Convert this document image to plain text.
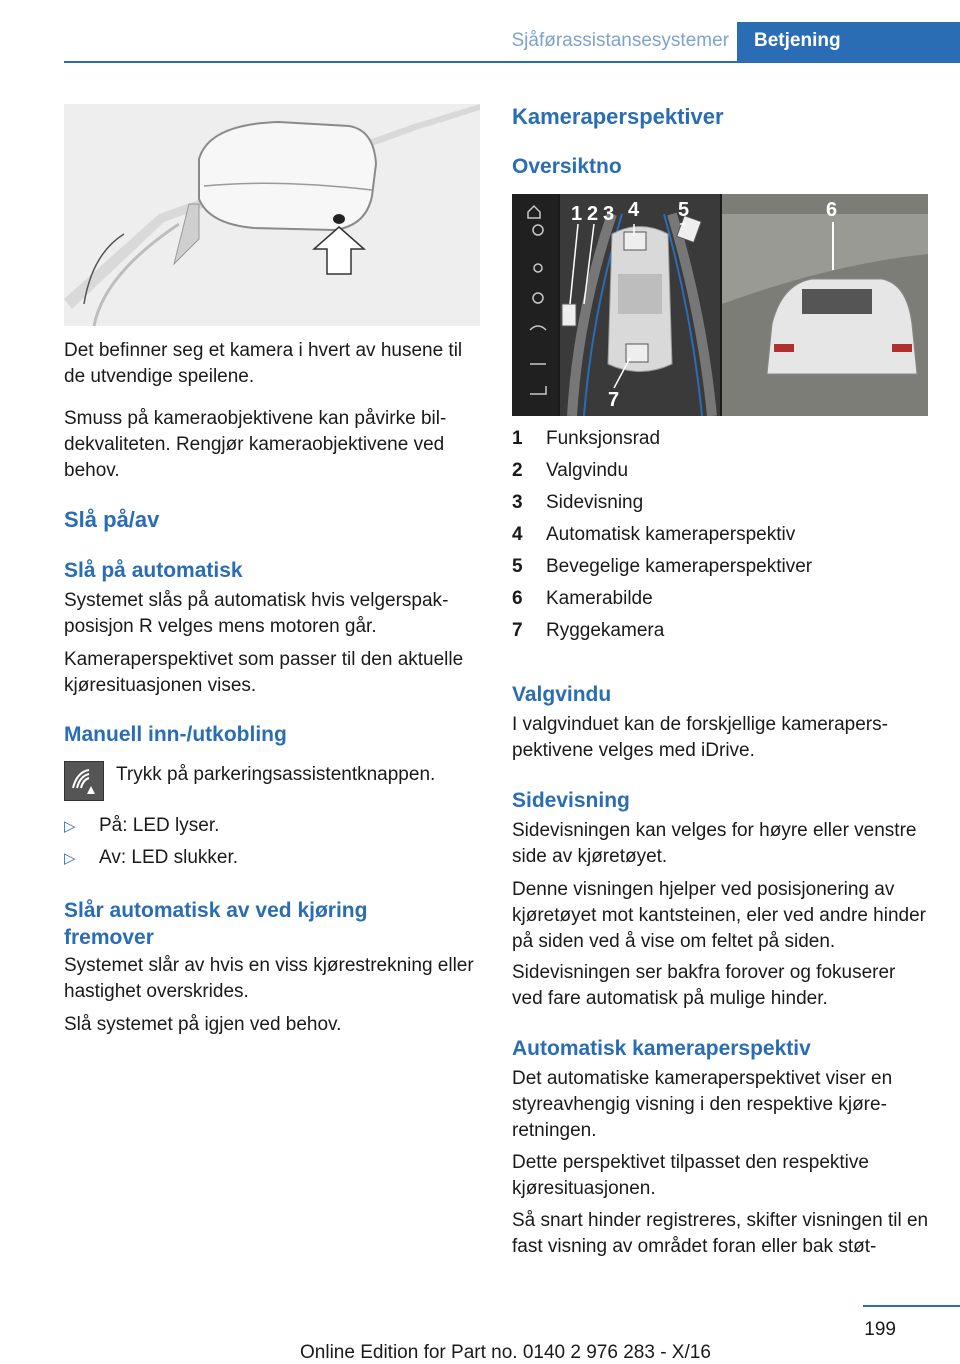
Sjåførassistansesystemer Betjening

Det befinner seg et kamera i hvert av husene til de utvendige speilene.

Smuss på kameraobjektivene kan påvirke bildekvaliteten. Rengjør kameraobjektivene ved behov.

Slå på/av
Slå på automatisk

Systemet slås på automatisk hvis velgerspakposisjon R velges mens motoren går.

Kameraperspektivet som passer til den aktuelle kjøresituasjonen vises.

Manuell inn-/utkobling

Trykk på parkeringsassistentknappen.

▷ På: LED lyser.
▷ Av: LED slukker.
Slår automatisk av ved kjøring fremover

Systemet slår av hvis en viss kjørestrekning eller hastighet overskrides.

Slå systemet på igjen ved behov.

Kameraperspektiver
Oversiktno
1 2 3 4 5	6
7
1 Funksjonsrad
2 Valgvindu
3 Sidevisning
4 Automatisk kameraperspektiv
5 Bevegelige kameraperspektiver
6 Kamerabilde
7 Ryggekamera
Valgvindu

I valgvinduet kan de forskjellige kameraperspektivene velges med iDrive.

Sidevisning

Sidevisningen kan velges for høyre eller venstre side av kjøretøyet.

Denne visningen hjelper ved posisjonering av kjøretøyet mot kantsteinen, eler ved andre hinder på siden ved å vise om feltet på siden.

Sidevisningen ser bakfra forover og fokuserer ved fare automatisk på mulige hinder.

Automatisk kameraperspektiv

Det automatiske kameraperspektivet viser en styreavhengig visning i den respektive kjøreretningen.

Dette perspektivet tilpasset den respektive kjøresituasjonen.

Så snart hinder registreres, skifter visningen til en fast visning av området foran eller bak støt-

199
Online Edition for Part no. 0140 2 976 283 - X/16
